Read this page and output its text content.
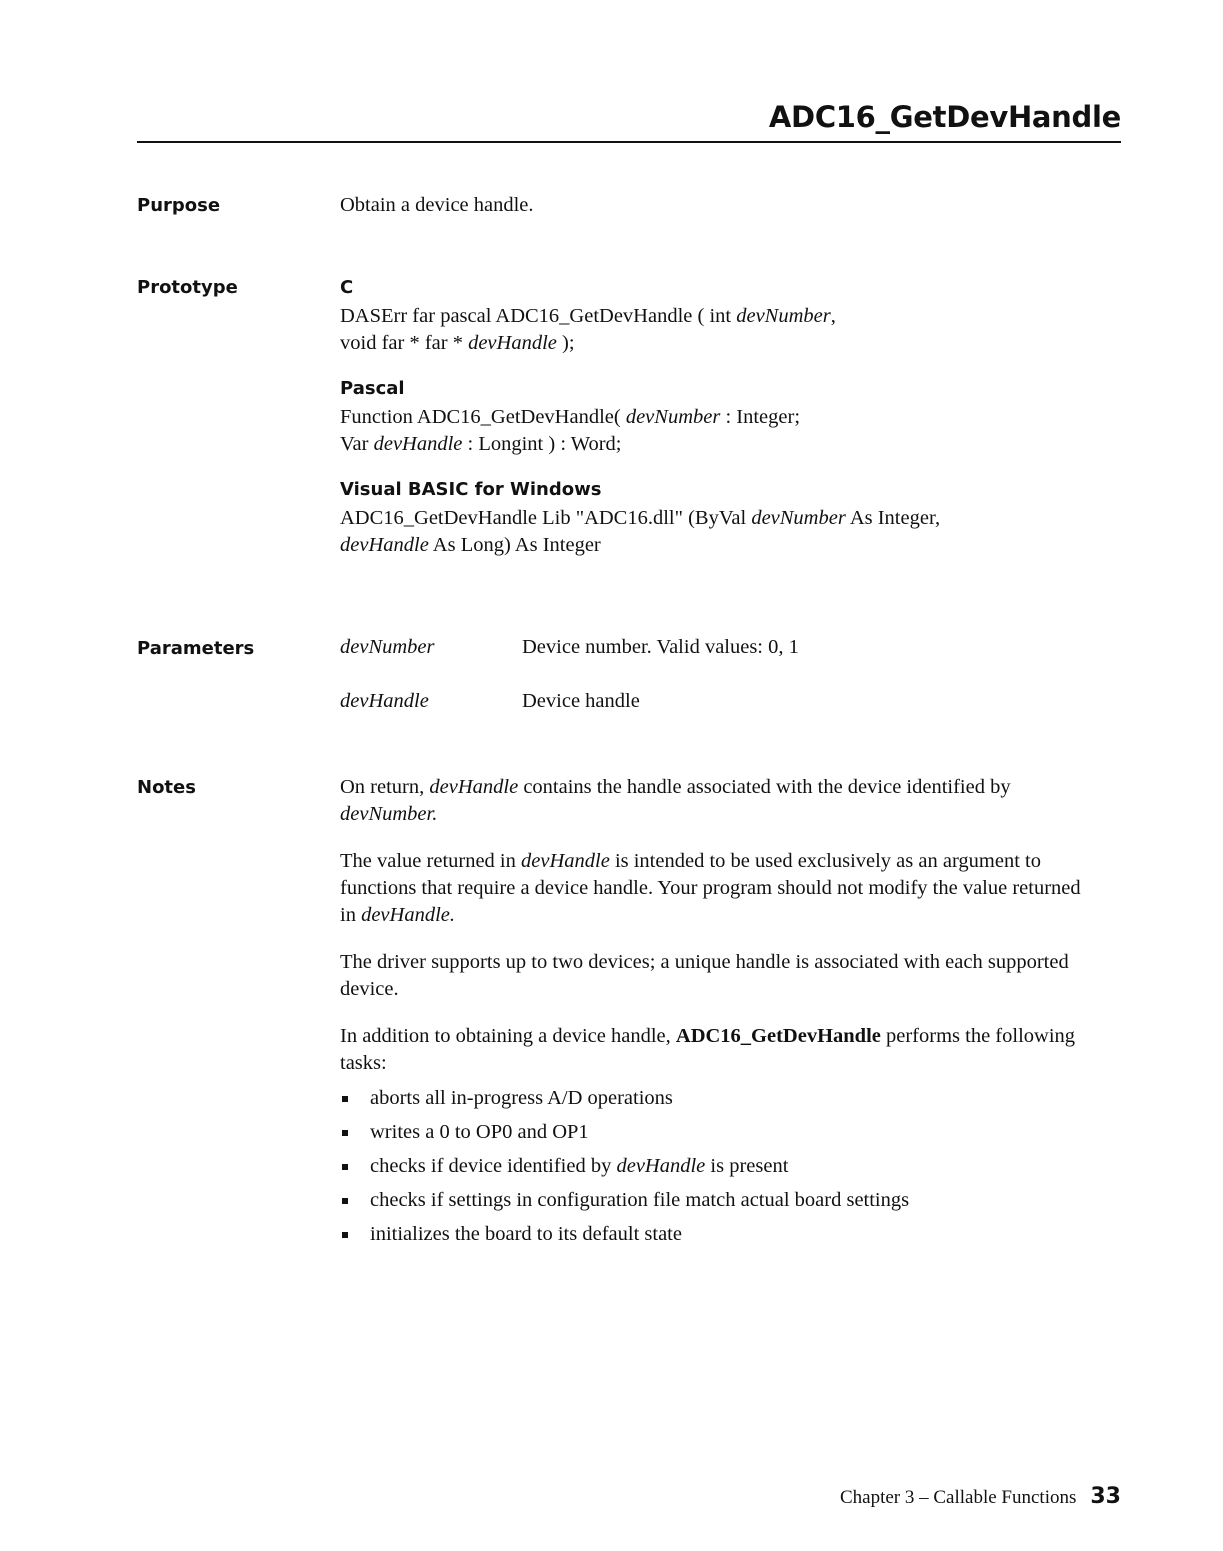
ADC16_GetDevHandle
Purpose	Obtain a device handle.
Prototype	C

DASErr far pascal ADC16_GetDevHandle ( int devNumber,

void far * far * devHandle );

Pascal

Function ADC16_GetDevHandle( devNumber : Integer;

Var devHandle : Longint ) : Word;

Visual BASIC for Windows

ADC16_GetDevHandle Lib "ADC16.dll" (ByVal devNumber As Integer,

devHandle As Long) As Integer

Parameters	devNumber	Device number. Valid values: 0, 1
devHandle	Device handle
Notes	On return, devHandle contains the handle associated with the device identified by devNumber.

The value returned in devHandle is intended to be used exclusively as an argument to functions that require a device handle. Your program should not modify the value returned in devHandle.

The driver supports up to two devices; a unique handle is associated with each supported device.

In addition to obtaining a device handle, ADC16_GetDevHandle performs the following tasks:

aborts all in-progress A/D operations
writes a 0 to OP0 and OP1
checks if device identified by devHandle is present
checks if settings in configuration file match actual board settings
initializes the board to its default state
Chapter 3 – Callable Functions 33
